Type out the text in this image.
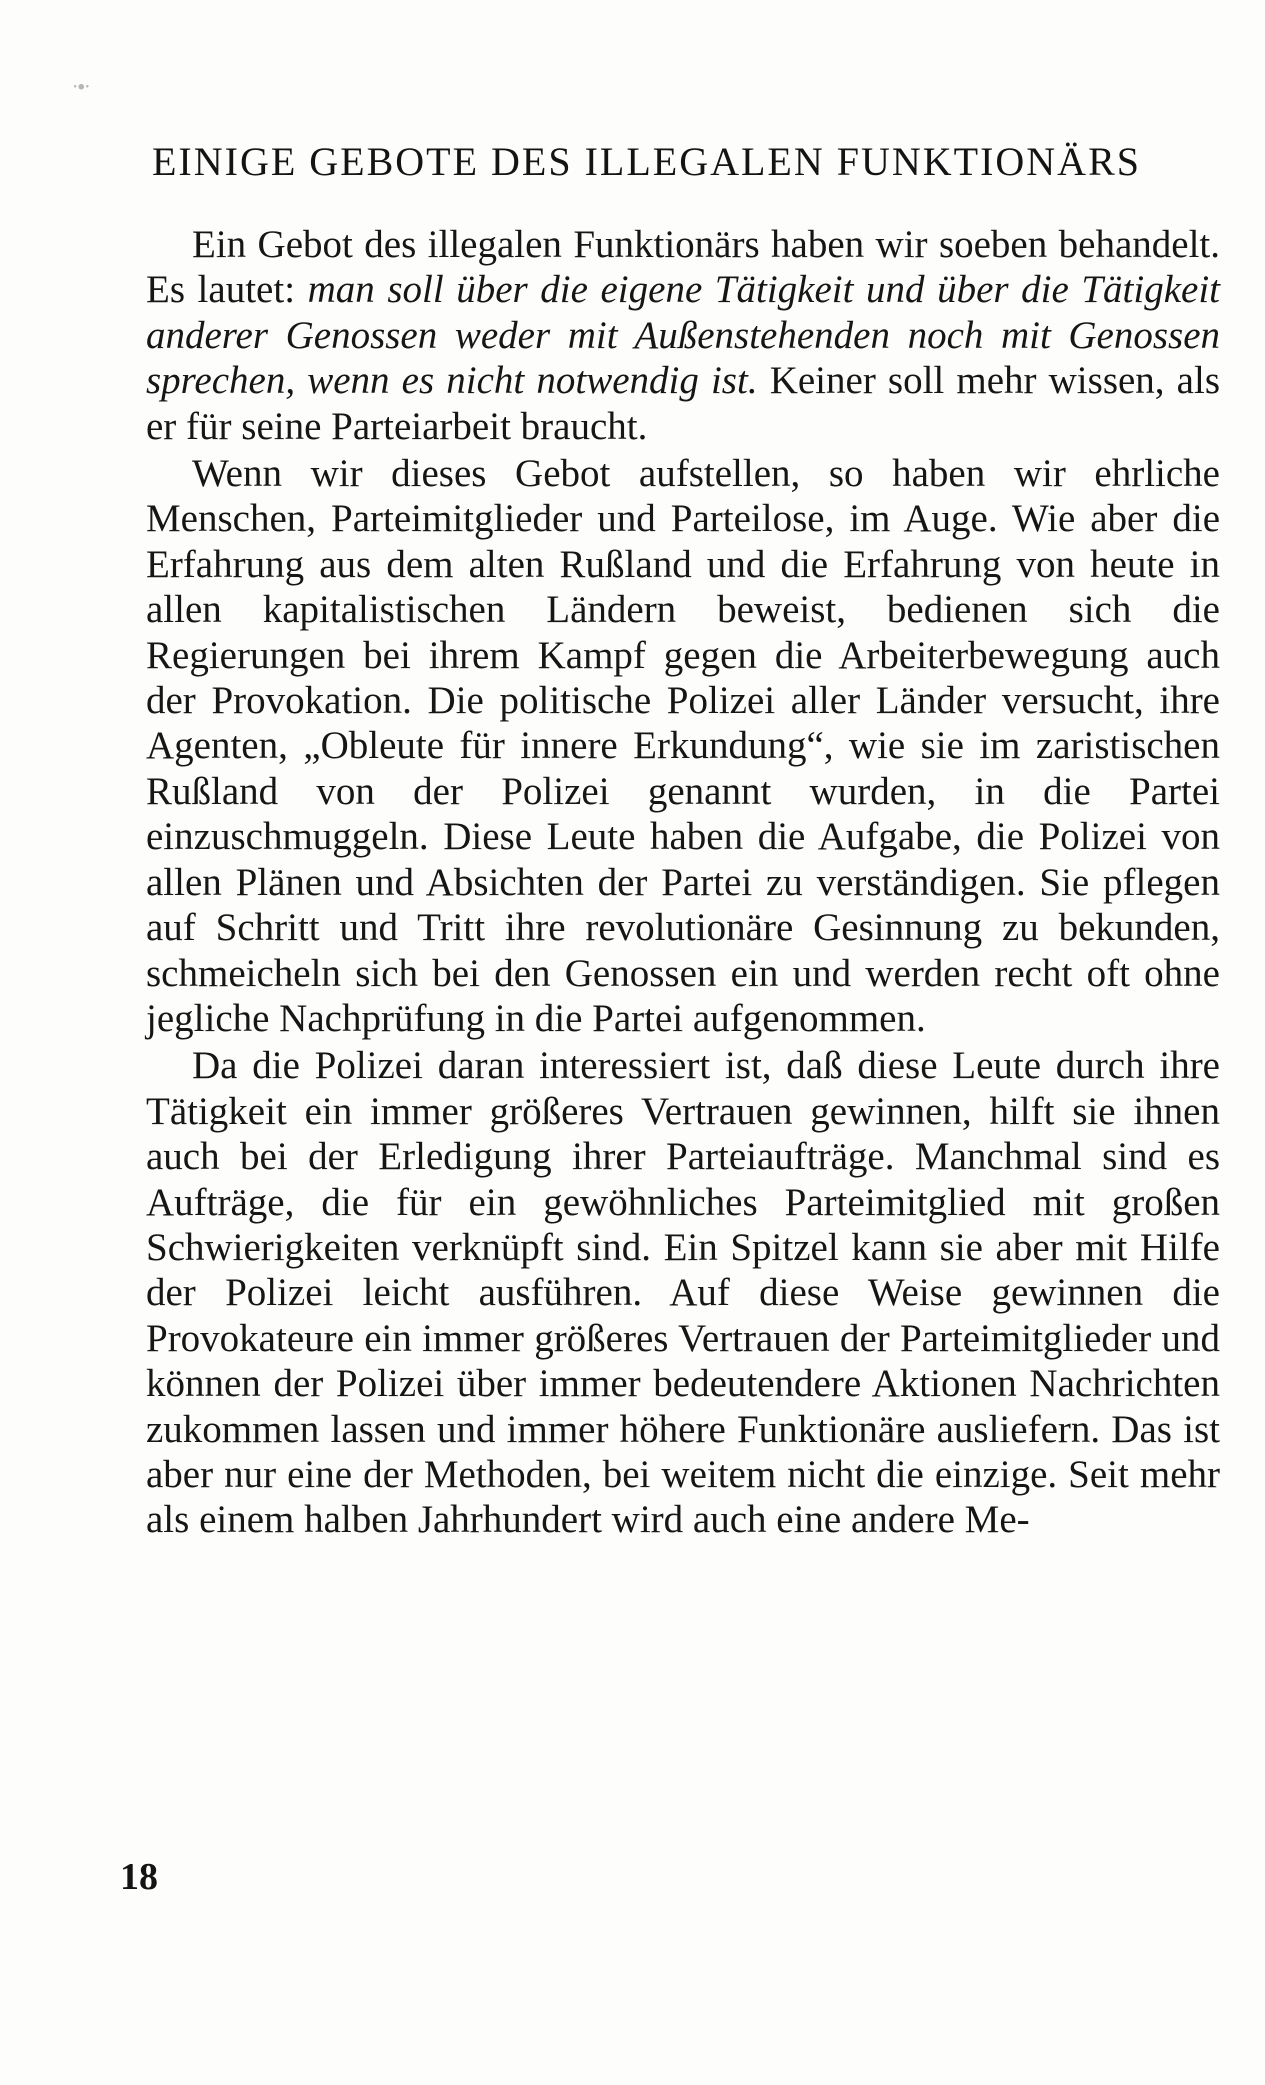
·∙·
EINIGE GEBOTE DES ILLEGALEN FUNKTIONÄRS

Ein Gebot des illegalen Funktionärs haben wir soeben behandelt. Es lautet: man soll über die eigene Tätigkeit und über die Tätigkeit anderer Genossen weder mit Außenstehenden noch mit Genossen sprechen, wenn es nicht notwendig ist. Keiner soll mehr wissen, als er für seine Parteiarbeit braucht.

Wenn wir dieses Gebot aufstellen, so haben wir ehrliche Menschen, Parteimitglieder und Parteilose, im Auge. Wie aber die Erfahrung aus dem alten Rußland und die Erfahrung von heute in allen kapitalistischen Ländern beweist, bedienen sich die Regierungen bei ihrem Kampf gegen die Arbeiterbewegung auch der Provokation. Die politische Polizei aller Länder versucht, ihre Agenten, „Obleute für innere Erkundung“, wie sie im zaristischen Rußland von der Polizei genannt wurden, in die Partei einzuschmuggeln. Diese Leute haben die Aufgabe, die Polizei von allen Plänen und Absichten der Partei zu verständigen. Sie pflegen auf Schritt und Tritt ihre revolutionäre Gesinnung zu bekunden, schmeicheln sich bei den Genossen ein und werden recht oft ohne jegliche Nachprüfung in die Partei aufgenommen.

Da die Polizei daran interessiert ist, daß diese Leute durch ihre Tätigkeit ein immer größeres Vertrauen gewinnen, hilft sie ihnen auch bei der Erledigung ihrer Parteiaufträge. Manchmal sind es Aufträge, die für ein gewöhnliches Parteimitglied mit großen Schwierigkeiten verknüpft sind. Ein Spitzel kann sie aber mit Hilfe der Polizei leicht ausführen. Auf diese Weise gewinnen die Provokateure ein immer größeres Vertrauen der Parteimitglieder und können der Polizei über immer bedeutendere Aktionen Nachrichten zukommen lassen und immer höhere Funktionäre ausliefern. Das ist aber nur eine der Methoden, bei weitem nicht die einzige. Seit mehr als einem halben Jahrhundert wird auch eine andere Me-

18
